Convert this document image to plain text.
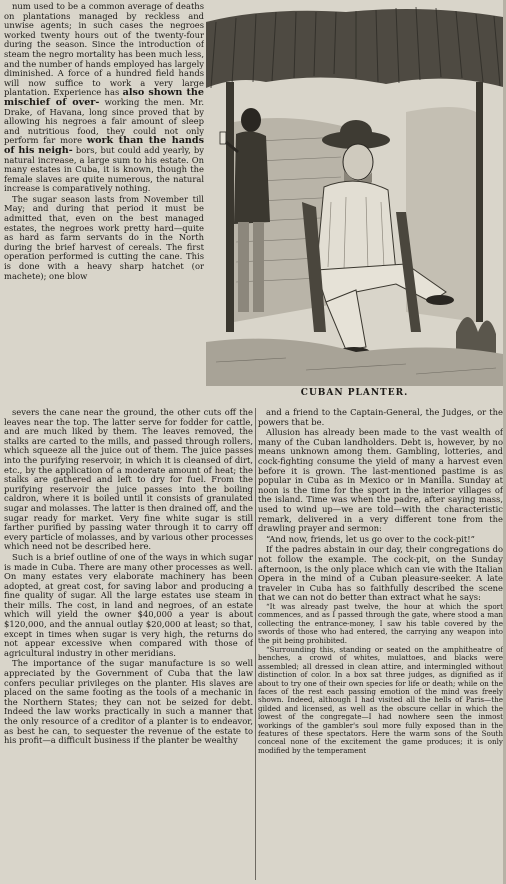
num used to be a common average of deaths on plantations managed by reckless and unwise agents; in such cases the negroes worked twenty hours out of the twenty-four during the season. Since the introduction of steam the negro mortality has been much less, and the number of hands employed has largely diminished. A force of a hundred field hands will now suffice to work a very large plantation. Experience has also shown the mischief of over- working the men. Mr. Drake, of Havana, long since proved that by allowing his negroes a fair amount of sleep and nutritious food, they could not only perform far more work than the hands of his neigh- bors, but could add yearly, by natural increase, a large sum to his estate. On many estates in Cuba, it is known, though the female slaves are quite numerous, the natural increase is comparatively nothing.

The sugar season lasts from November till May; and during that period it must be admitted that, even on the best managed estates, the negroes work pretty hard—quite as hard as farm servants do in the North during the brief harvest of cereals. The first operation performed is cutting the cane. This is done with a heavy sharp hatchet (or machete); one blow

CUBAN PLANTER.

severs the cane near the ground, the other cuts off the leaves near the top. The latter serve for fodder for cattle, and are much liked by them. The leaves removed, the stalks are carted to the mills, and passed through rollers, which squeeze all the juice out of them. The juice passes into the purifying reservoir, in which it is cleansed of dirt, etc., by the application of a moderate amount of heat; the stalks are gathered and left to dry for fuel. From the purifying reservoir the juice passes into the boiling caldron, where it is boiled until it consists of granulated sugar and molasses. The latter is then drained off, and the sugar ready for market. Very fine white sugar is still farther purified by passing water through it to carry off every particle of molasses, and by various other processes which need not be described here.

Such is a brief outline of one of the ways in which sugar is made in Cuba. There are many other processes as well. On many estates very elaborate machinery has been adopted, at great cost, for saving labor and producing a fine quality of sugar. All the large estates use steam in their mills. The cost, in land and negroes, of an estate which will yield the owner $40,000 a year is about $120,000, and the annual outlay $20,000 at least; so that, except in times when sugar is very high, the returns do not appear excessive when compared with those of agricultural industry in other meridians.

The importance of the sugar manufacture is so well appreciated by the Government of Cuba that the law confers peculiar privileges on the planter. His slaves are placed on the same footing as the tools of a mechanic in the Northern States; they can not be seized for debt. Indeed the law works practically in such a manner that the only resource of a creditor of a planter is to endeavor, as best he can, to sequester the revenue of the estate to his profit—a difficult business if the planter be wealthy

and a friend to the Captain-General, the Judges, or the powers that be.

Allusion has already been made to the vast wealth of many of the Cuban landholders. Debt is, however, by no means unknown among them. Gambling, lotteries, and cock-fighting consume the yield of many a harvest even before it is grown. The last-mentioned pastime is as popular in Cuba as in Mexico or in Manilla. Sunday at noon is the time for the sport in the interior villages of the island. Time was when the padre, after saying mass, used to wind up—we are told—with the characteristic remark, delivered in a very different tone from the drawling prayer and sermon:

“And now, friends, let us go over to the cock-pit!”

If the padres abstain in our day, their congregations do not follow the example. The cock-pit, on the Sunday afternoon, is the only place which can vie with the Italian Opera in the mind of a Cuban pleasure-seeker. A late traveler in Cuba has so faithfully described the scene that we can not do better than extract what he says:

“It was already past twelve, the hour at which the sport commences, and as I passed through the gate, where stood a man collecting the entrance-money, I saw his table covered by the swords of those who had entered, the carrying any weapon into the pit being prohibited.

“Surrounding this, standing or seated on the amphitheatre of benches, a crowd of whites, mulattoes, and blacks were assembled; all dressed in clean attire, and intermingled without distinction of color. In a box sat three judges, as dignified as if about to try one of their own species for life or death; while on the faces of the rest each passing emotion of the mind was freely shown. Indeed, although I had visited all the hells of Paris—the gilded and licensed, as well as the obscure cellar in which the lowest of the congregate—I had nowhere seen the inmost workings of the gambler's soul more fully exposed than in the features of these spectators. Here the warm sons of the South conceal none of the excitement the game produces; it is only modified by the temperament
